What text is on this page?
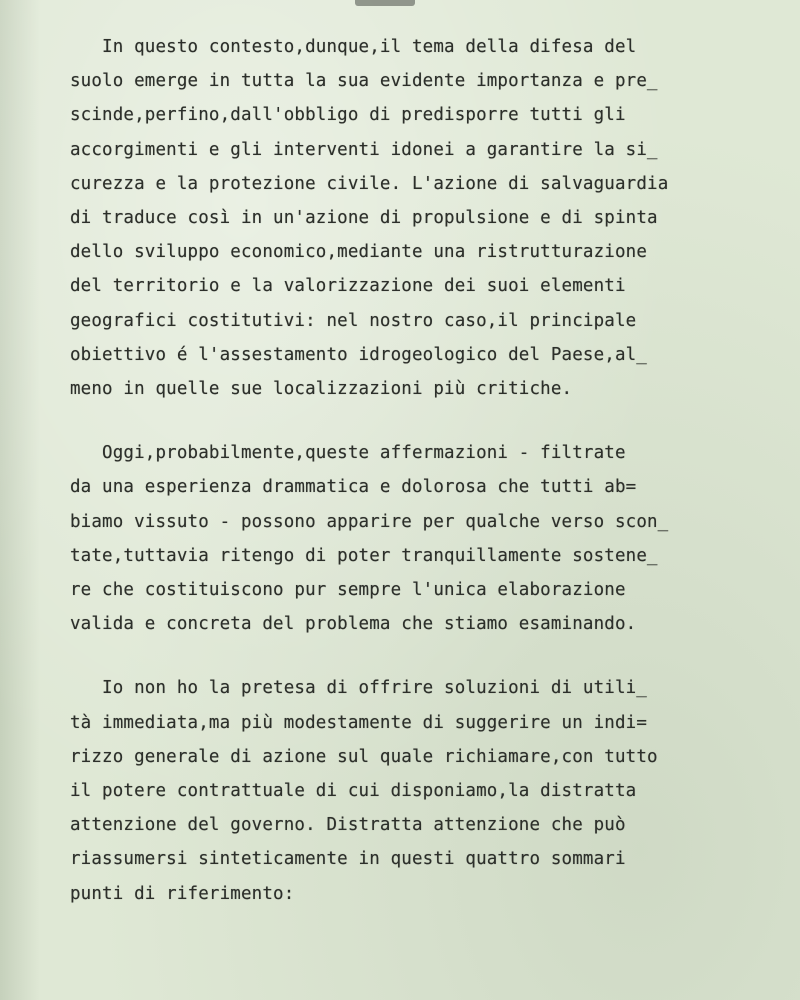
In questo contesto,dunque,il tema della difesa del
suolo emerge in tutta la sua evidente importanza e pre̲
scinde,perfino,dall'obbligo di predisporre tutti gli
accorgimenti e gli interventi idonei a garantire la si̲
curezza e la protezione civile. L'azione di salvaguardia
di traduce così in un'azione di propulsione e di spinta
dello sviluppo economico,mediante una ristrutturazione
del territorio e la valorizzazione dei suoi elementi
geografici costitutivi: nel nostro caso,il principale
obiettivo é l'assestamento idrogeologico del Paese,al̲
meno in quelle sue localizzazioni più critiche.
Oggi,probabilmente,queste affermazioni - filtrate
da una esperienza drammatica e dolorosa che tutti ab=
biamo vissuto - possono apparire per qualche verso scon̲
tate,tuttavia ritengo di poter tranquillamente sostene̲
re che costituiscono pur sempre l'unica elaborazione
valida e concreta del problema che stiamo esaminando.
Io non ho la pretesa di offrire soluzioni di utili̲
tà immediata,ma più modestamente di suggerire un indi=
rizzo generale di azione sul quale richiamare,con tutto
il potere contrattuale di cui disponiamo,la distratta
attenzione del governo. Distratta attenzione che può
riassumersi sinteticamente in questi quattro sommari
punti di riferimento:
